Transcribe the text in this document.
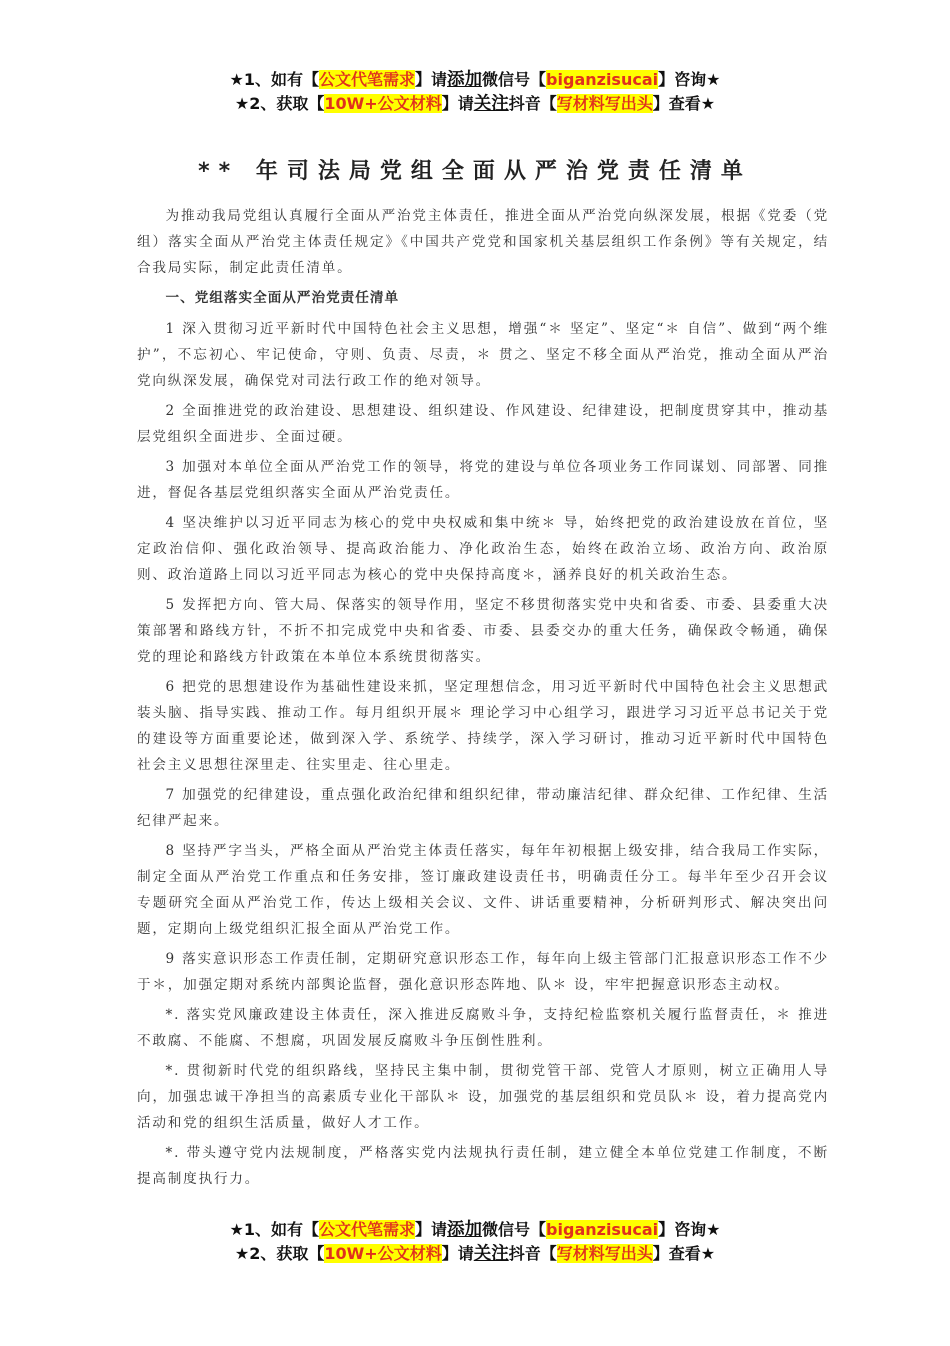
★1、如有【公文代笔需求】请添加微信号【biganzisucai】咨询★
★2、获取【10W+公文材料】请关注抖音【写材料写出头】查看★
** 年司法局党组全面从严治党责任清单

为推动我局党组认真履行全面从严治党主体责任，推进全面从严治党向纵深发展，根据《党委（党组）落实全面从严治党主体责任规定》《中国共产党党和国家机关基层组织工作条例》等有关规定，结合我局实际，制定此责任清单。

一、党组落实全面从严治党责任清单

1 深入贯彻习近平新时代中国特色社会主义思想，增强“＊ 坚定”、坚定“＊ 自信”、做到“两个维护”，不忘初心、牢记使命，守则、负责、尽责，＊ 贯之、坚定不移全面从严治党，推动全面从严治党向纵深发展，确保党对司法行政工作的绝对领导。

2 全面推进党的政治建设、思想建设、组织建设、作风建设、纪律建设，把制度贯穿其中，推动基层党组织全面进步、全面过硬。

3 加强对本单位全面从严治党工作的领导，将党的建设与单位各项业务工作同谋划、同部署、同推进，督促各基层党组织落实全面从严治党责任。

4 坚决维护以习近平同志为核心的党中央权威和集中统＊ 导，始终把党的政治建设放在首位，坚定政治信仰、强化政治领导、提高政治能力、净化政治生态，始终在政治立场、政治方向、政治原则、政治道路上同以习近平同志为核心的党中央保持高度＊，涵养良好的机关政治生态。

5 发挥把方向、管大局、保落实的领导作用，坚定不移贯彻落实党中央和省委、市委、县委重大决策部署和路线方针，不折不扣完成党中央和省委、市委、县委交办的重大任务，确保政令畅通，确保党的理论和路线方针政策在本单位本系统贯彻落实。

6 把党的思想建设作为基础性建设来抓，坚定理想信念，用习近平新时代中国特色社会主义思想武装头脑、指导实践、推动工作。每月组织开展＊ 理论学习中心组学习，跟进学习习近平总书记关于党的建设等方面重要论述，做到深入学、系统学、持续学，深入学习研讨，推动习近平新时代中国特色社会主义思想往深里走、往实里走、往心里走。

7 加强党的纪律建设，重点强化政治纪律和组织纪律，带动廉洁纪律、群众纪律、工作纪律、生活纪律严起来。

8 坚持严字当头，严格全面从严治党主体责任落实，每年年初根据上级安排，结合我局工作实际，制定全面从严治党工作重点和任务安排，签订廉政建设责任书，明确责任分工。每半年至少召开会议专题研究全面从严治党工作，传达上级相关会议、文件、讲话重要精神，分析研判形式、解决突出问题，定期向上级党组织汇报全面从严治党工作。

9 落实意识形态工作责任制，定期研究意识形态工作，每年向上级主管部门汇报意识形态工作不少于＊，加强定期对系统内部舆论监督，强化意识形态阵地、队＊ 设，牢牢把握意识形态主动权。

*. 落实党风廉政建设主体责任，深入推进反腐败斗争，支持纪检监察机关履行监督责任，＊ 推进不敢腐、不能腐、不想腐，巩固发展反腐败斗争压倒性胜利。

*. 贯彻新时代党的组织路线，坚持民主集中制，贯彻党管干部、党管人才原则，树立正确用人导向，加强忠诚干净担当的高素质专业化干部队＊ 设，加强党的基层组织和党员队＊ 设，着力提高党内活动和党的组织生活质量，做好人才工作。

*. 带头遵守党内法规制度，严格落实党内法规执行责任制，建立健全本单位党建工作制度，不断提高制度执行力。

★1、如有【公文代笔需求】请添加微信号【biganzisucai】咨询★
★2、获取【10W+公文材料】请关注抖音【写材料写出头】查看★
